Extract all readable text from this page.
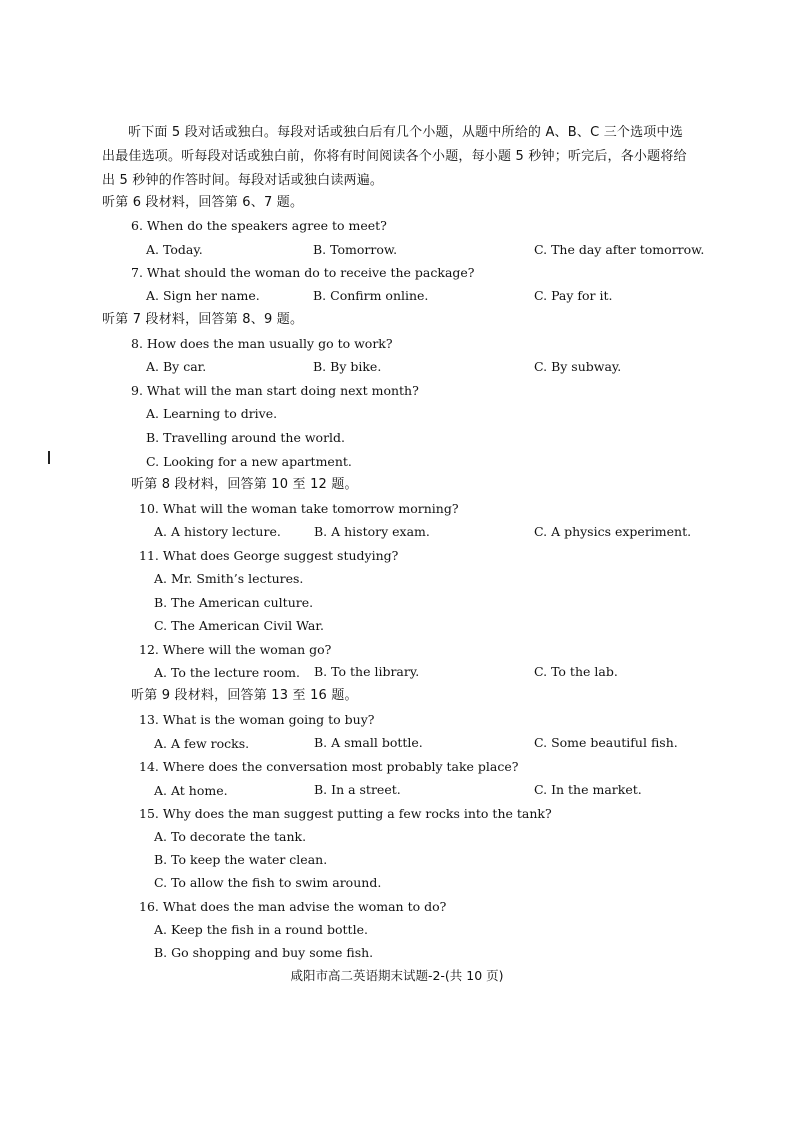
听下面 5 段对话或独白。每段对话或独白后有几个小题，从题中所给的 A、B、C 三个选项中选
出最佳选项。听每段对话或独白前，你将有时间阅读各个小题，每小题 5 秒钟；听完后，各小题将给
出 5 秒钟的作答时间。每段对话或独白读两遍。
听第 6 段材料，回答第 6、7 题。
6. When do the speakers agree to meet?
A. Today.	B. Tomorrow.	C. The day after tomorrow.
7. What should the woman do to receive the package?
A. Sign her name.	B. Confirm online.	C. Pay for it.
听第 7 段材料，回答第 8、9 题。
8. How does the man usually go to work?
A. By car.	B. By bike.	C. By subway.
9. What will the man start doing next month?
A. Learning to drive.
B. Travelling around the world.
C. Looking for a new apartment.
听第 8 段材料，回答第 10 至 12 题。
10. What will the woman take tomorrow morning?
A. A history lecture.	B. A history exam.	C. A physics experiment.
11. What does George suggest studying?
A. Mr. Smith’s lectures.
B. The American culture.
C. The American Civil War.
12. Where will the woman go?
A. To the lecture room. B. To the library.	C. To the lab.
听第 9 段材料，回答第 13 至 16 题。
13. What is the woman going to buy?
A. A few rocks.	B. A small bottle.	C. Some beautiful fish.
14. Where does the conversation most probably take place?
A. At home.	B. In a street.	C. In the market.
15. Why does the man suggest putting a few rocks into the tank?
A. To decorate the tank.
B. To keep the water clean.
C. To allow the fish to swim around.
16. What does the man advise the woman to do?
A. Keep the fish in a round bottle.
B. Go shopping and buy some fish.
咸阳市高二英语期末试题-2-(共 10 页)
